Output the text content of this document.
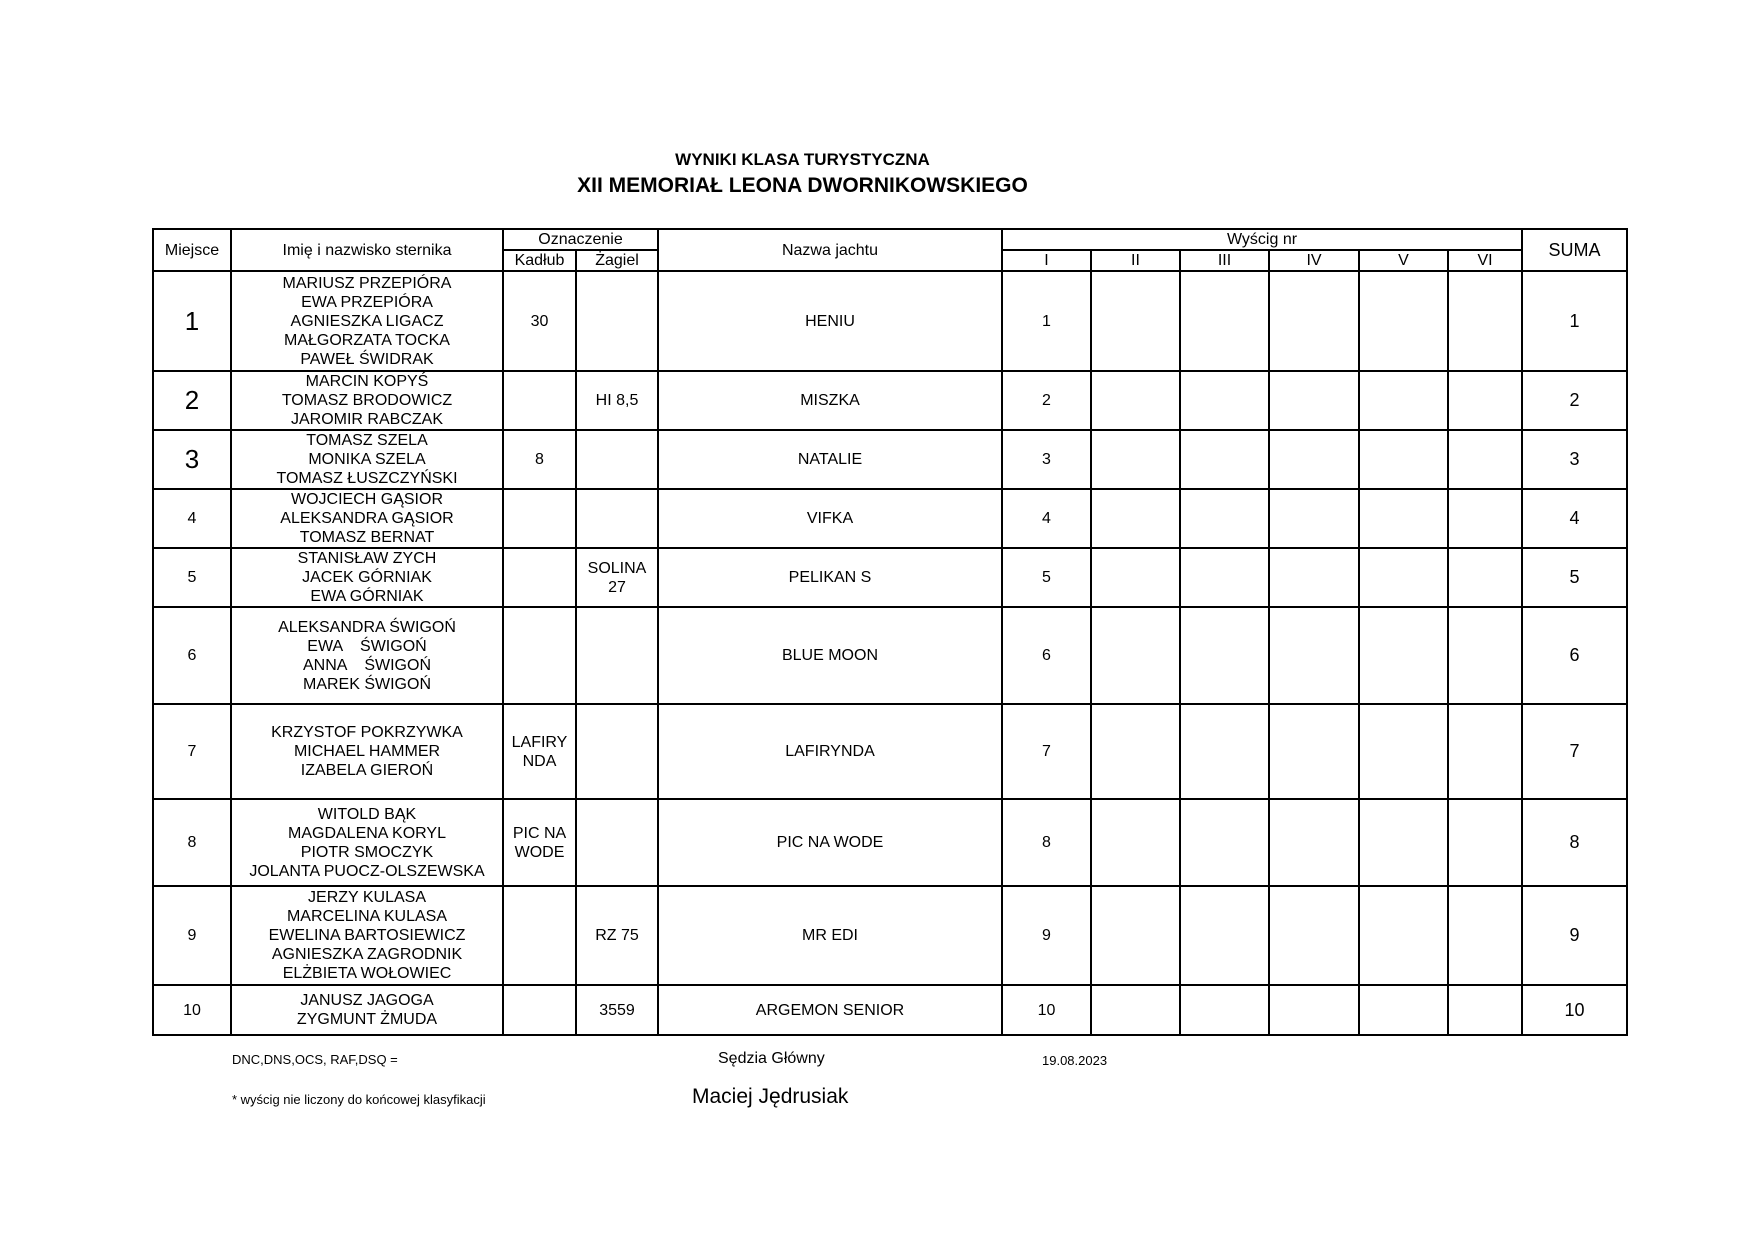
WYNIKI KLASA TURYSTYCZNA
XII MEMORIAŁ LEONA DWORNIKOWSKIEGO
Miejsce	Imię i nazwisko sternika	Oznaczenie		Nazwa jachtu	Wyścig nr						SUMA
		Kadłub	Żagiel		I	II	III	IV	V	VI	
1	MARIUSZ PRZEPIÓRA
EWA PRZEPIÓRA
AGNIESZKA LIGACZ
MAŁGORZATA TOCKA
PAWEŁ ŚWIDRAK	30		HENIU	1						1
2	MARCIN KOPYŚ
TOMASZ BRODOWICZ
JAROMIR RABCZAK		HI 8,5	MISZKA	2						2
3	TOMASZ SZELA
MONIKA SZELA
TOMASZ ŁUSZCZYŃSKI	8		NATALIE	3						3
4	WOJCIECH GĄSIOR
ALEKSANDRA GĄSIOR
TOMASZ BERNAT			VIFKA	4						4
5	STANISŁAW ZYCH
JACEK GÓRNIAK
EWA GÓRNIAK		SOLINA 27	PELIKAN S	5						5
6	ALEKSANDRA ŚWIGOŃ
EWA    ŚWIGOŃ
ANNA    ŚWIGOŃ
MAREK ŚWIGOŃ			BLUE MOON	6						6
7	KRZYSTOF POKRZYWKA
MICHAEL HAMMER
IZABELA GIEROŃ	LAFIRY NDA		LAFIRYNDA	7						7
8	WITOLD BĄK
MAGDALENA KORYL
PIOTR SMOCZYK
JOLANTA PUOCZ-OLSZEWSKA	PIC NA WODE		PIC NA WODE	8						8
9	JERZY KULASA
MARCELINA KULASA
EWELINA BARTOSIEWICZ
AGNIESZKA ZAGRODNIK
ELŻBIETA WOŁOWIEC		RZ 75	MR EDI	9						9
10	JANUSZ JAGOGA
ZYGMUNT ŻMUDA		3559	ARGEMON SENIOR	10						10
DNC,DNS,OCS, RAF,DSQ =
* wyścig nie liczony do końcowej klasyfikacji
Sędzia Główny
Maciej Jędrusiak
19.08.2023
